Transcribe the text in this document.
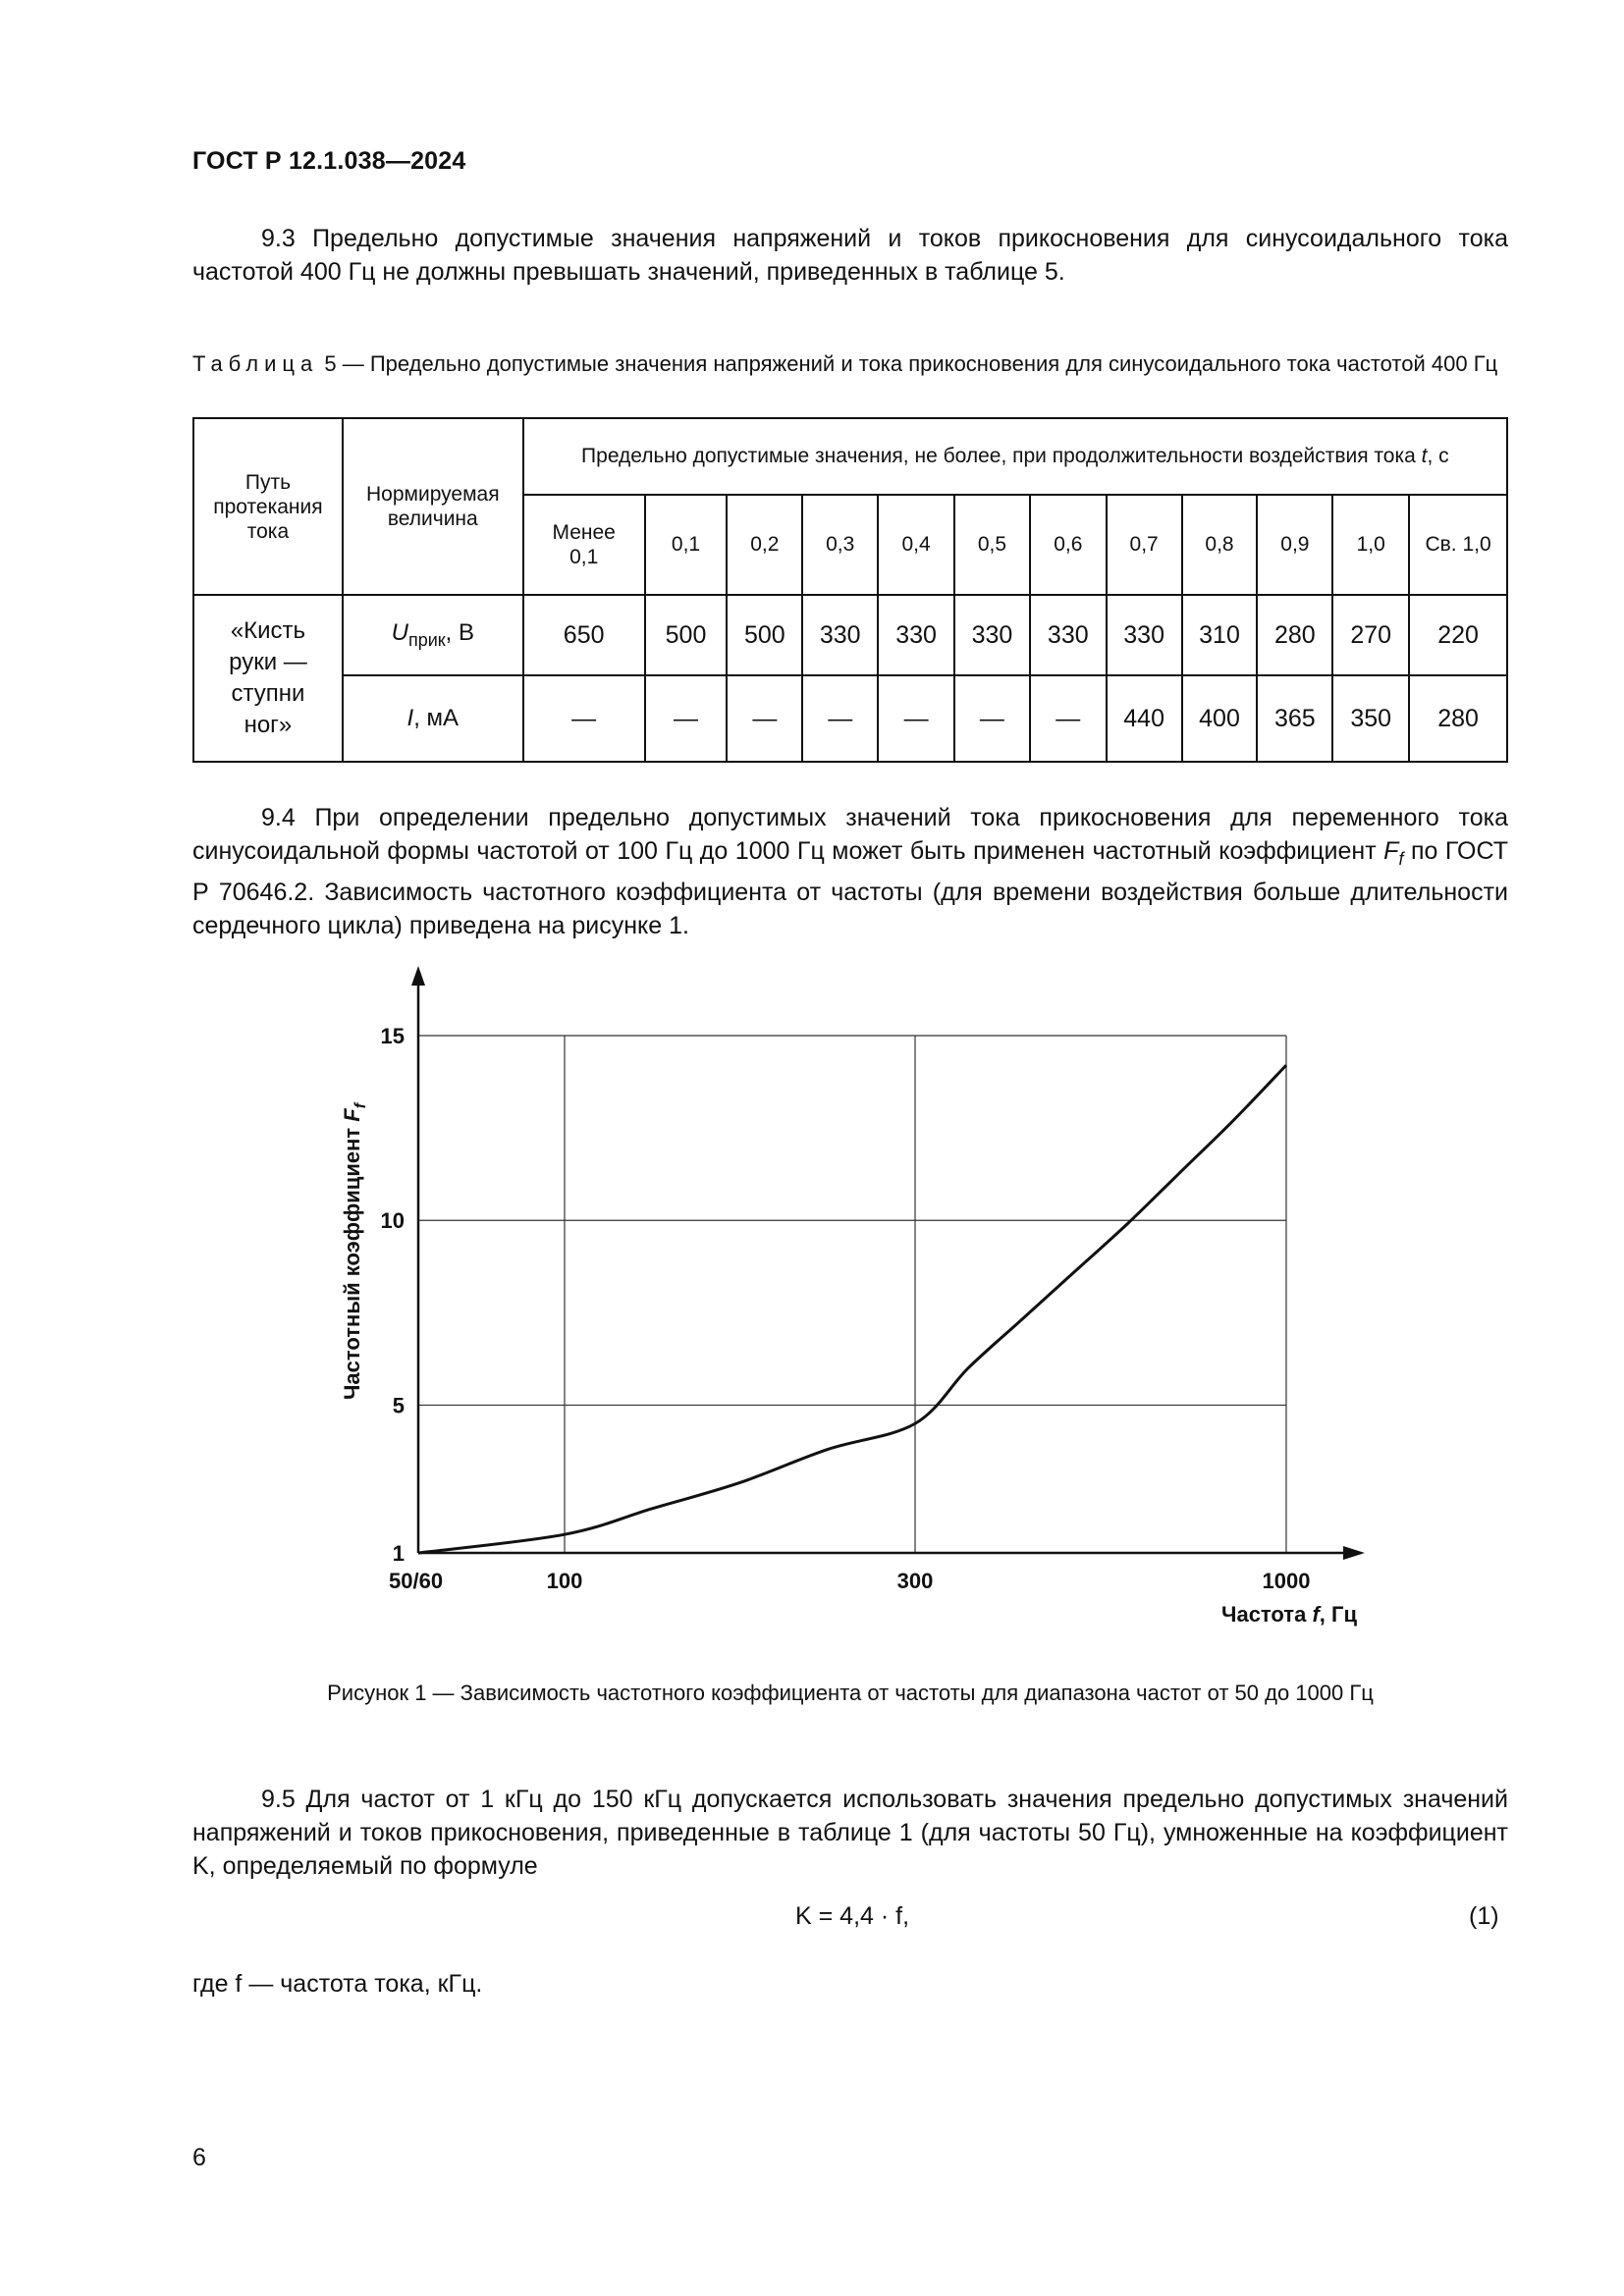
ГОСТ Р 12.1.038—2024
9.3 Предельно допустимые значения напряжений и токов прикосновения для синусоидального тока частотой 400 Гц не должны превышать значений, приведенных в таблице 5.
Таблица 5 — Предельно допустимые значения напряжений и тока прикосновения для синусоидального тока частотой 400 Гц
Путь протекания тока	Нормируемая величина	Предельно допустимые значения, не более, при продолжительности воздействия тока t, с											
		Менее 0,1	0,1	0,2	0,3	0,4	0,5	0,6	0,7	0,8	0,9	1,0	Св. 1,0

«Кисть руки — ступни ног»	$U_{прик}$, В	650	500	500	330	330	330	330	330	310	280	270	220
	I, мА	—	—	—	—	—	—	—	440	400	365	350	280
9.4 При определении предельно допустимых значений тока прикосновения для переменного тока синусоидальной формы частотой от 100 Гц до 1000 Гц может быть применен частотный коэффициент $F_f$ по ГОСТ Р 70646.2. Зависимость частотного коэффициента от частоты (для времени воздействия больше длительности сердечного цикла) приведена на рисунке 1.
1
5
10
15
50/60	100	300	1000
Частотный коэффициент $F_f$
Частота f, Гц
Рисунок 1 — Зависимость частотного коэффициента от частоты для диапазона частот от 50 до 1000 Гц
9.5 Для частот от 1 кГц до 150 кГц допускается использовать значения предельно допустимых значений напряжений и токов прикосновения, приведенные в таблице 1 (для частоты 50 Гц), умноженные на коэффициент K, определяемый по формуле
K = 4,4 · f,	(1)
где f — частота тока, кГц.
6
